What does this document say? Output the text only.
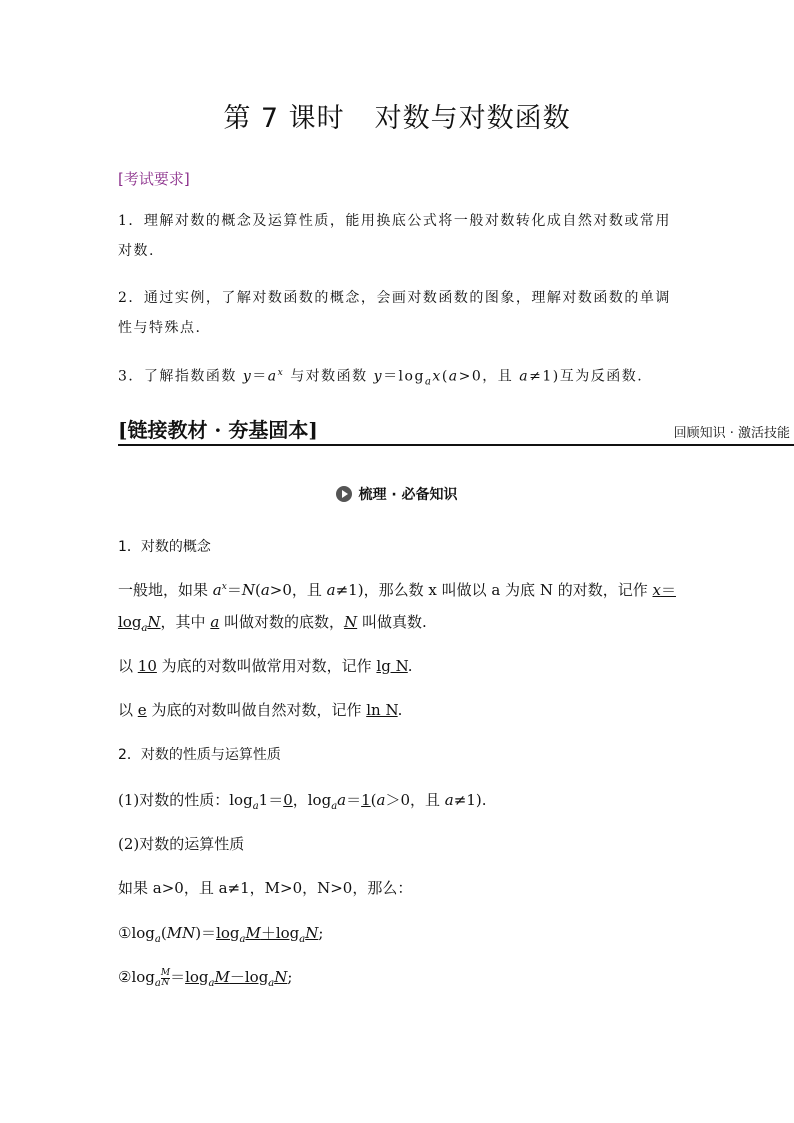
第 7 课时 对数与对数函数
[考试要求]
1．理解对数的概念及运算性质，能用换底公式将一般对数转化成自然对数或常用对数.
2．通过实例，了解对数函数的概念，会画对数函数的图象，理解对数函数的单调性与特殊点.
3．了解指数函数 $y=a^x$ 与对数函数 $y=\log_ax(a>0$，且 a≠1)互为反函数.
[链接教材 · 夯基固本]	回顾知识 · 激活技能
梳理 · 必备知识
1．对数的概念
一般地，如果 $a^x=N(a>0$，且 a≠1)，那么数 x 叫做以 a 为底 N 的对数，记作 x＝
$\log_aN$，其中 a 叫做对数的底数，N 叫做真数.
以 10 为底的对数叫做常用对数，记作 lg N.
以 e 为底的对数叫做自然对数，记作 ln N.
2．对数的性质与运算性质
(1)对数的性质：$\log_a1=0$，$\log_aa=1(a>0$，且 a≠1).
(2)对数的运算性质
如果 a>0，且 a≠1，M>0，N>0，那么：
$①\log_a(MN)=\log_aM+\log_aN$;
$②\log_a \frac{M}{N} =\log_aM-\log_aN$;
